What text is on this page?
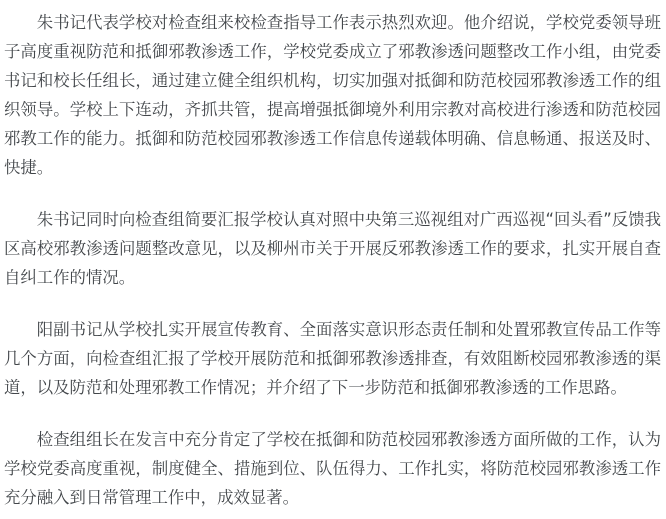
朱书记代表学校对检查组来校检查指导工作表示热烈欢迎。他介绍说，学校党委领导班子高度重视防范和抵御邪教渗透工作，学校党委成立了邪教渗透问题整改工作小组，由党委书记和校长任组长，通过建立健全组织机构，切实加强对抵御和防范校园邪教渗透工作的组织领导。学校上下连动，齐抓共管，提高增强抵御境外利用宗教对高校进行渗透和防范校园邪教工作的能力。抵御和防范校园邪教渗透工作信息传递载体明确、信息畅通、报送及时、快捷。

朱书记同时向检查组简要汇报学校认真对照中央第三巡视组对广西巡视“回头看”反馈我区高校邪教渗透问题整改意见，以及柳州市关于开展反邪教渗透工作的要求，扎实开展自查自纠工作的情况。

阳副书记从学校扎实开展宣传教育、全面落实意识形态责任制和处置邪教宣传品工作等几个方面，向检查组汇报了学校开展防范和抵御邪教渗透排查，有效阻断校园邪教渗透的渠道，以及防范和处理邪教工作情况；并介绍了下一步防范和抵御邪教渗透的工作思路。

检查组组长在发言中充分肯定了学校在抵御和防范校园邪教渗透方面所做的工作，认为学校党委高度重视，制度健全、措施到位、队伍得力、工作扎实，将防范校园邪教渗透工作充分融入到日常管理工作中，成效显著。
